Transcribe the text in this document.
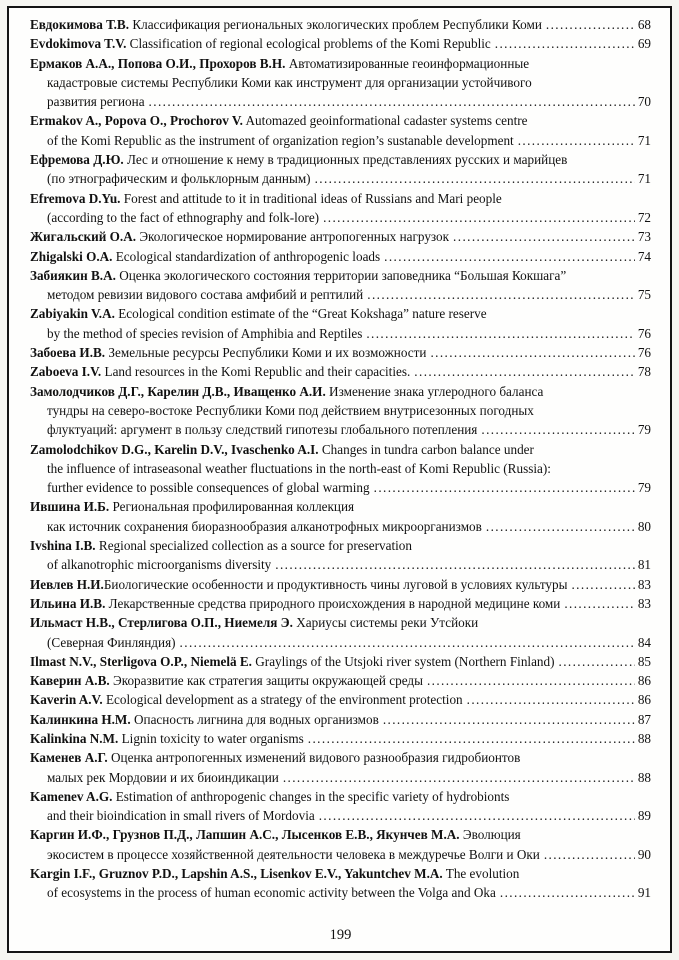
Евдокимова Т.В. Классификация региональных экологических проблем Республики Коми .....	68
Evdokimova T.V. Classification of regional ecological problems of the Komi Republic .....	69
Ермаков А.А., Попова О.И., Прохоров В.Н. Автоматизированные геоинформационные
кадастровые системы Республики Коми как инструмент для организации устойчивого
развития региона .....	70
Ermakov A., Popova O., Prochorov V. Automazed geoinformational cadaster systems centre
of the Komi Republic as the instrument of organization region’s sustanable development .....	71
Ефремова Д.Ю. Лес и отношение к нему в традиционных представлениях русских и марийцев
(по этнографическим и фольклорным данным) .....	71
Efremova D.Yu. Forest and attitude to it in traditional ideas of Russians and Mari people
(according to the fact of ethnography and folk-lore) .....	72
Жигальский О.А. Экологическое нормирование антропогенных нагрузок .....	73
Zhigalski O.A. Ecological standardization of anthropogenic loads .....	74
Забиякин В.А. Оценка экологического состояния территории заповедника “Большая Кокшага”
методом ревизии видового состава амфибий и рептилий .....	75
Zabiyakin V.A. Ecological condition estimate of the “Great Kokshaga” nature reserve
by the method of species revision of Amphibia and Reptiles .....	76
Забоева И.В. Земельные ресурсы Республики Коми и их возможности .....	76
Zaboeva I.V. Land resources in the Komi Republic and their capacities. .....	78
Замолодчиков Д.Г., Карелин Д.В., Иващенко А.И. Изменение знака углеродного баланса
тундры на северо-востоке Республики Коми под действием внутрисезонных погодных
флуктуаций: аргумент в пользу следствий гипотезы глобального потепления .....	79
Zamolodchikov D.G., Karelin D.V., Ivaschenko A.I. Changes in tundra carbon balance under
the influence of intraseasonal weather fluctuations in the north-east of Komi Republic (Russia):
further evidence to possible consequences of global warming .....	79
Ившина И.Б. Региональная профилированная коллекция
как источник сохранения биоразнообразия алканотрофных микроорганизмов .....	80
Ivshina I.B. Regional specialized collection as a source for preservation
of alkanotrophic microorganisms diversity .....	81
Иевлев Н.И.Биологические особенности и продуктивность чины луговой в условиях культуры .....	83
Ильина И.В. Лекарственные средства природного происхождения в народной медицине коми .....	83
Ильмаст Н.В., Стерлигова О.П., Ниемеля Э. Хариусы системы реки Утсйоки
(Северная Финляндия) .....	84
Ilmast N.V., Sterligova O.P., Niemelä E. Graylings of the Utsjoki river system (Northern Finland) .....	85
Каверин А.В. Экоразвитие как стратегия защиты окружающей среды .....	86
Kaverin A.V. Ecological development as a strategy of the environment protection .....	86
Калинкина Н.М. Опасность лигнина для водных организмов .....	87
Kalinkina N.M. Lignin toxicity to water organisms .....	88
Каменев А.Г. Оценка антропогенных изменений видового разнообразия гидробионтов
малых рек Мордовии и их биоиндикации .....	88
Kamenev A.G. Estimation of anthropogenic changes in the specific variety of hydrobionts
and their bioindication in small rivers of Mordovia .....	89
Каргин И.Ф., Грузнов П.Д., Лапшин А.С., Лысенков Е.В., Якунчев М.А. Эволюция
экосистем в процессе хозяйственной деятельности человека в междуречье Волги и Оки .....	90
Kargin I.F., Gruznov P.D., Lapshin A.S., Lisenkov E.V., Yakuntchev M.A. The evolution
of ecosystems in the process of human economic activity between the Volga and Oka .....	91
199
